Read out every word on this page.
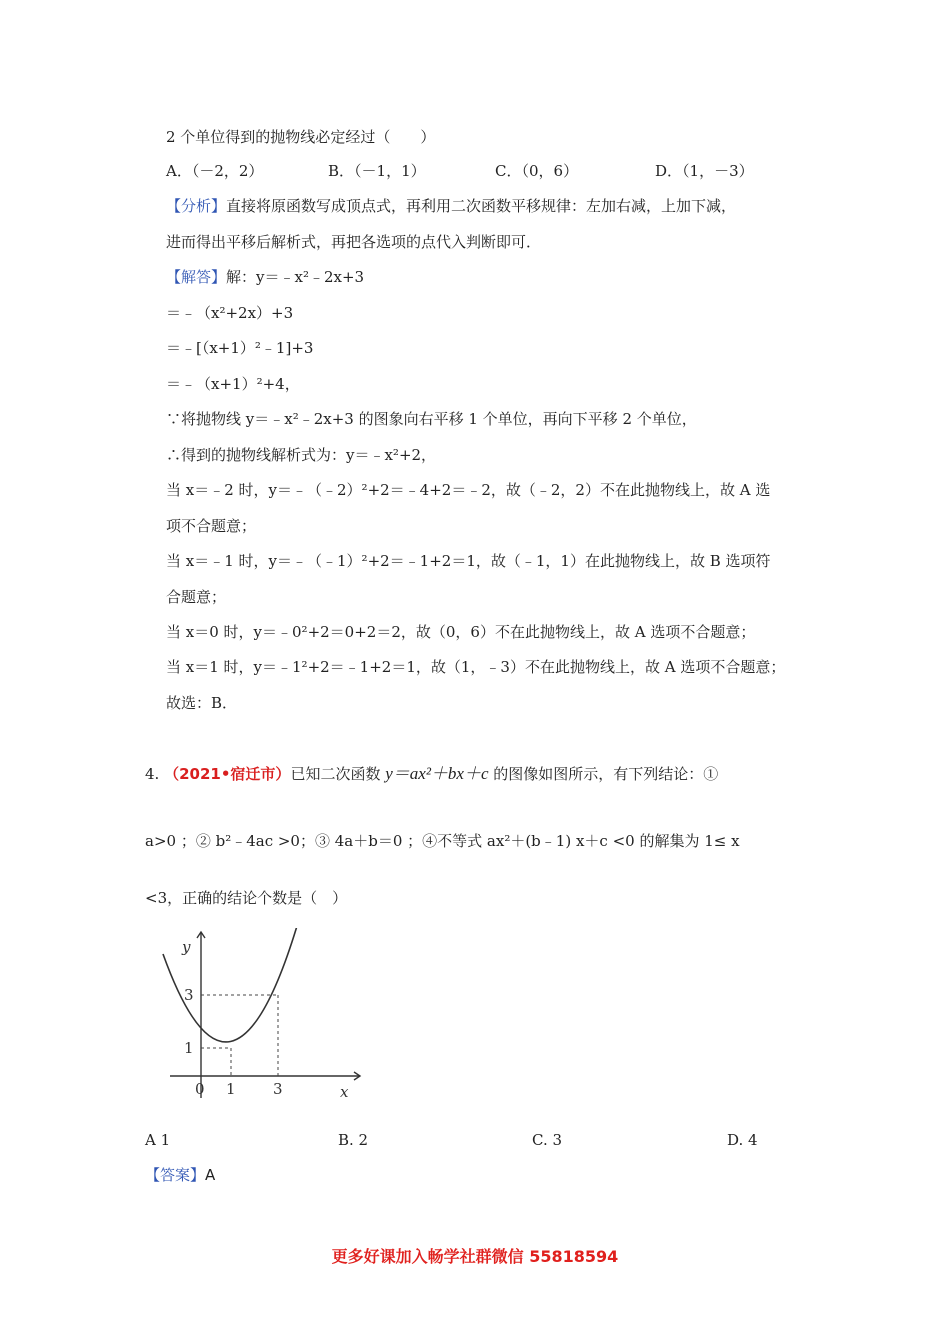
2 个单位得到的抛物线必定经过（　　）
A．（－2，2）	B．（－1，1）	C．（0，6）	D．（1，－3）
【分析】直接将原函数写成顶点式，再利用二次函数平移规律：左加右减，上加下减，
进而得出平移后解析式，再把各选项的点代入判断即可．
【解答】解：y＝﹣x²﹣2x+3
＝﹣（x²+2x）+3
＝﹣[（x+1）²﹣1]+3
＝﹣（x+1）²+4，
∵将抛物线 y＝﹣x²﹣2x+3 的图象向右平移 1 个单位，再向下平移 2 个单位，
∴得到的抛物线解析式为：y＝﹣x²+2，
当 x＝﹣2 时，y＝﹣（﹣2）²+2＝﹣4+2＝﹣2，故（﹣2，2）不在此抛物线上，故 A 选
项不合题意；
当 x＝﹣1 时，y＝﹣（﹣1）²+2＝﹣1+2＝1，故（﹣1，1）在此抛物线上，故 B 选项符
合题意；
当 x＝0 时，y＝﹣0²+2＝0+2＝2，故（0，6）不在此抛物线上，故 A 选项不合题意；
当 x＝1 时，y＝﹣1²+2＝﹣1+2＝1，故（1，﹣3）不在此抛物线上，故 A 选项不合题意；
故选：B．
4. （2021•宿迁市）已知二次函数 y＝ax²＋bx＋c 的图像如图所示，有下列结论：①
a>0 ；② b²﹣4ac >0；③ 4a＋b＝0 ；④不等式 ax²＋(b﹣1) x＋c <0 的解集为 1≤ x
<3，正确的结论个数是（　）
y
x
0 1 3
1
3
A 1	B. 2	C. 3	D. 4
【答案】A
更多好课加入畅学社群微信 55818594
